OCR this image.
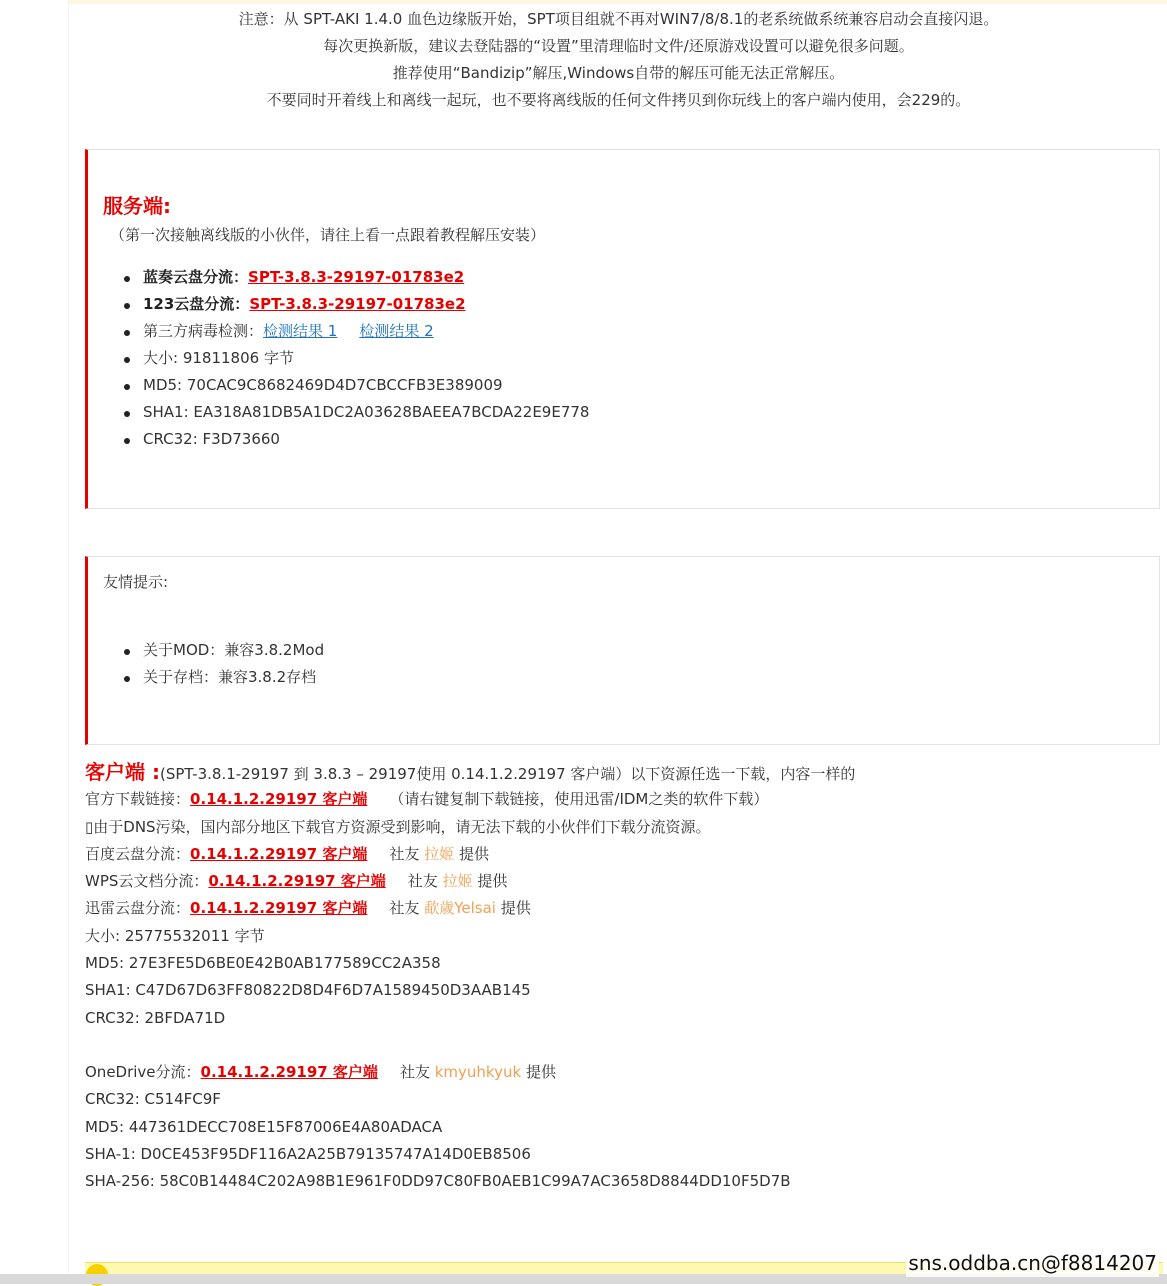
注意：从 SPT-AKI 1.4.0 血色边缘版开始，SPT项目组就不再对WIN7/8/8.1的老系统做系统兼容启动会直接闪退。

每次更换新版，建议去登陆器的“设置”里清理临时文件/还原游戏设置可以避免很多问题。

推荐使用“Bandizip”解压,Windows自带的解压可能无法正常解压。

不要同时开着线上和离线一起玩，也不要将离线版的任何文件拷贝到你玩线上的客户端内使用，会229的。

服务端:
（第一次接触离线版的小伙伴，请往上看一点跟着教程解压安装）
蓝奏云盘分流：SPT-3.8.3-29197-01783e2
123云盘分流：SPT-3.8.3-29197-01783e2
第三方病毒检测：检测结果 1 检测结果 2
大小: 91811806 字节
MD5: 70CAC9C8682469D4D7CBCCFB3E389009
SHA1: EA318A81DB5A1DC2A03628BAEEA7BCDA22E9E778
CRC32: F3D73660
友情提示:
关于MOD：兼容3.8.2Mod
关于存档：兼容3.8.2存档
客户端 :(SPT-3.8.1-29197 到 3.8.3 – 29197使用 0.14.1.2.29197 客户端）以下资源任选一下载，内容一样的
官方下载链接：0.14.1.2.29197 客户端 （请右键复制下载链接，使用迅雷/IDM之类的软件下载）
▯由于DNS污染，国内部分地区下载官方资源受到影响，请无法下载的小伙伴们下载分流资源。
百度云盘分流：0.14.1.2.29197 客户端 社友 拉姬 提供
WPS云文档分流：0.14.1.2.29197 客户端 社友 拉姬 提供
迅雷云盘分流：0.14.1.2.29197 客户端 社友 歃歳Yelsai 提供
大小: 25775532011 字节
MD5: 27E3FE5D6BE0E42B0AB177589CC2A358
SHA1: C47D67D63FF80822D8D4F6D7A1589450D3AAB145
CRC32: 2BFDA71D
OneDrive分流：0.14.1.2.29197 客户端 社友 kmyuhkyuk 提供
CRC32: C514FC9F
MD5: 447361DECC708E15F87006E4A80ADACA
SHA-1: D0CE453F95DF116A2A25B79135747A14D0EB8506
SHA-256: 58C0B14484C202A98B1E961F0DD97C80FB0AEB1C99A7AC3658D8844DD10F5D7B
sns.oddba.cn@f8814207
